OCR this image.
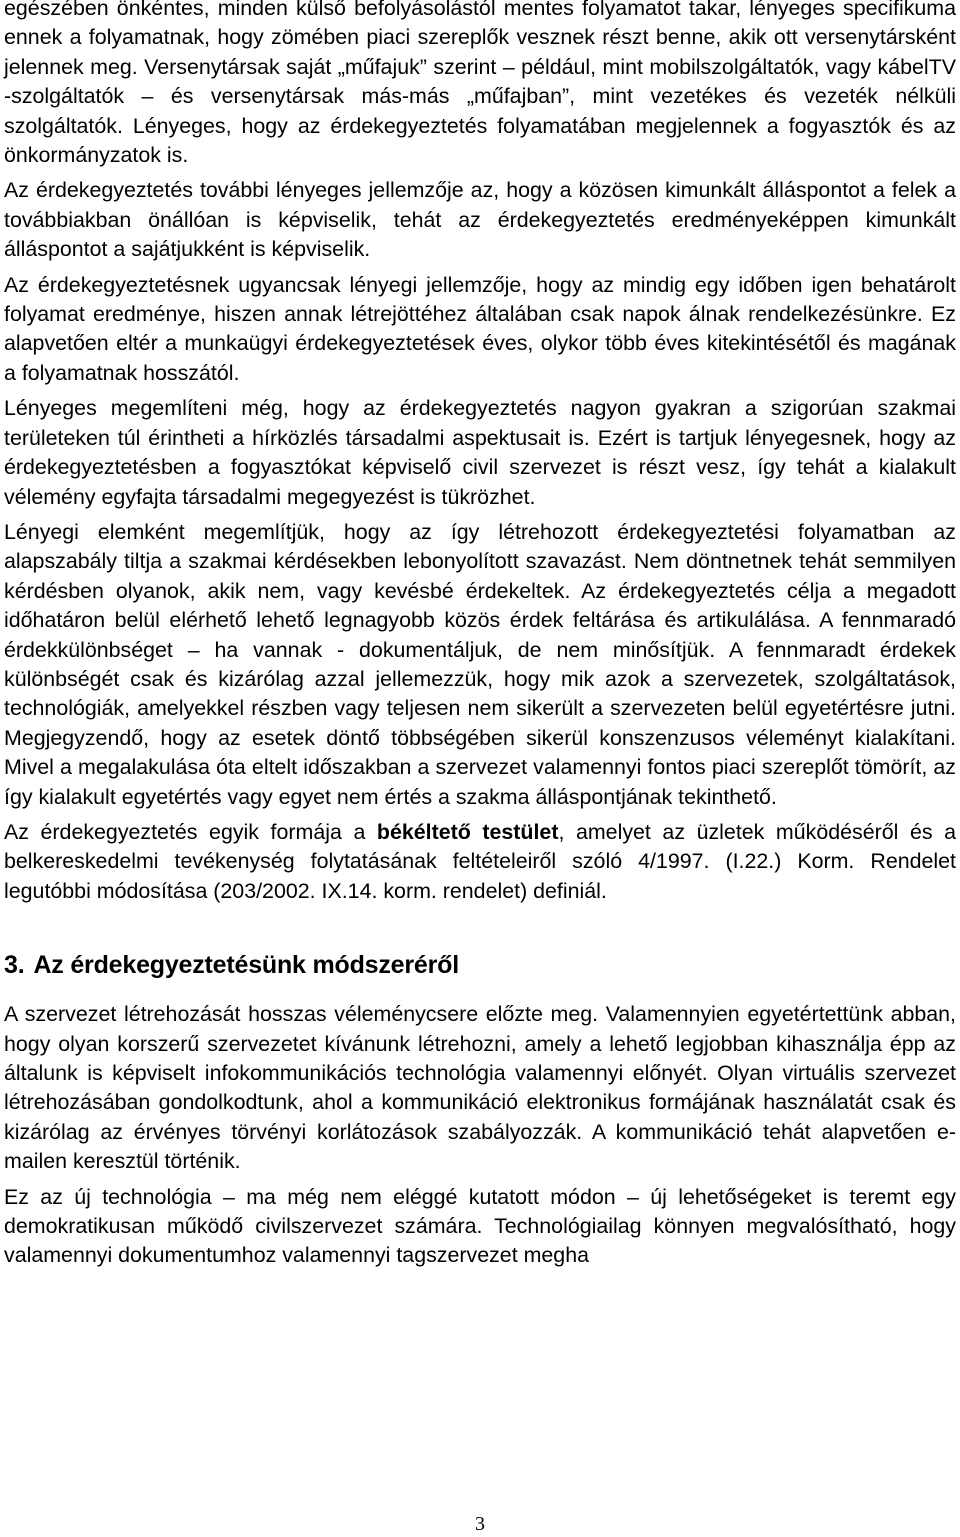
egészében önkéntes, minden külső befolyásolástól mentes folyamatot takar, lényeges specifikuma ennek a folyamatnak, hogy zömében piaci szereplők vesznek részt benne, akik ott versenytársként jelennek meg. Versenytársak saját „műfajuk” szerint – például, mint mobilszolgáltatók, vagy kábelTV -szolgáltatók – és versenytársak más-más „műfajban”, mint vezetékes és vezeték nélküli szolgáltatók. Lényeges, hogy az érdekegyeztetés folyamatában megjelennek a fogyasztók és az önkormányzatok is.

Az érdekegyeztetés további lényeges jellemzője az, hogy a közösen kimunkált álláspontot a felek a továbbiakban önállóan is képviselik, tehát az érdekegyeztetés eredményeképpen kimunkált álláspontot a sajátjukként is képviselik.

Az érdekegyeztetésnek ugyancsak lényegi jellemzője, hogy az mindig egy időben igen behatárolt folyamat eredménye, hiszen annak létrejöttéhez általában csak napok álnak rendelkezésünkre. Ez alapvetően eltér a munkaügyi érdekegyeztetések éves, olykor több éves kitekintésétől és magának a folyamatnak hosszától.

Lényeges megemlíteni még, hogy az érdekegyeztetés nagyon gyakran a szigorúan szakmai területeken túl érintheti a hírközlés társadalmi aspektusait is. Ezért is tartjuk lényegesnek, hogy az érdekegyeztetésben a fogyasztókat képviselő civil szervezet is részt vesz, így tehát a kialakult vélemény egyfajta társadalmi megegyezést is tükrözhet.

Lényegi elemként megemlítjük, hogy az így létrehozott érdekegyeztetési folyamatban az alapszabály tiltja a szakmai kérdésekben lebonyolított szavazást. Nem döntnetnek tehát semmilyen kérdésben olyanok, akik nem, vagy kevésbé érdekeltek. Az érdekegyeztetés célja a megadott időhatáron belül elérhető lehető legnagyobb közös érdek feltárása és artikulálása. A fennmaradó érdekkülönbséget – ha vannak - dokumentáljuk, de nem minősítjük. A fennmaradt érdekek különbségét csak és kizárólag azzal jellemezzük, hogy mik azok a szervezetek, szolgáltatások, technológiák, amelyekkel részben vagy teljesen nem sikerült a szervezeten belül egyetértésre jutni. Megjegyzendő, hogy az esetek döntő többségében sikerül konszenzusos véleményt kialakítani. Mivel a megalakulása óta eltelt időszakban a szervezet valamennyi fontos piaci szereplőt tömörít, az így kialakult egyetértés vagy egyet nem értés a szakma álláspontjának tekinthető.

Az érdekegyeztetés egyik formája a békéltető testület, amelyet az üzletek működéséről és a belkereskedelmi tevékenység folytatásának feltételeiről szóló 4/1997. (I.22.) Korm. Rendelet legutóbbi módosítása (203/2002. IX.14. korm. rendelet) definiál.

3. Az érdekegyeztetésünk módszeréről

A szervezet létrehozását hosszas véleménycsere előzte meg. Valamennyien egyetértettünk abban, hogy olyan korszerű szervezetet kívánunk létrehozni, amely a lehető legjobban kihasználja épp az általunk is képviselt infokommunikációs technológia valamennyi előnyét. Olyan virtuális szervezet létrehozásában gondolkodtunk, ahol a kommunikáció elektronikus formájának használatát csak és kizárólag az érvényes törvényi korlátozások szabályozzák. A kommunikáció tehát alapvetően e-mailen keresztül történik.

Ez az új technológia – ma még nem eléggé kutatott módon – új lehetőségeket is teremt egy demokratikusan működő civilszervezet számára. Technológiailag könnyen megvalósítható, hogy valamennyi dokumentumhoz valamennyi tagszervezet megha

3
